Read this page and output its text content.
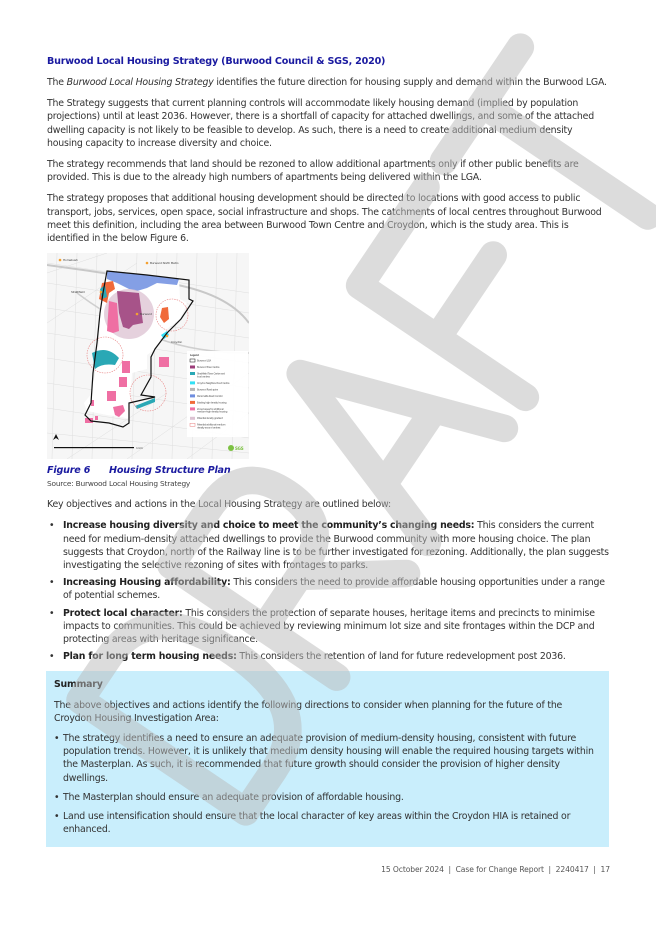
Burwood Local Housing Strategy (Burwood Council & SGS, 2020)

The Burwood Local Housing Strategy identifies the future direction for housing supply and demand within the Burwood LGA.

The Strategy suggests that current planning controls will accommodate likely housing demand (implied by population projections) until at least 2036. However, there is a shortfall of capacity for attached dwellings, and some of the attached dwelling capacity is not likely to be feasible to develop. As such, there is a need to create additional medium density housing capacity to increase diversity and choice.

The strategy recommends that land should be rezoned to allow additional apartments only if other public benefits are provided. This is due to the already high numbers of apartments being delivered within the LGA.

The strategy proposes that additional housing development should be directed to locations with good access to public transport, jobs, services, open space, social infrastructure and shops. The catchments of local centres throughout Burwood meet this definition, including the area between Burwood Town Centre and Croydon, which is the study area. This is identified in the below Figure 6.

Homebush
Burwood North Metro
Strathfield
Burwood
Croydon
1 km
Legend
Burwood LGA
Burwood Town Centre
Strathfield Town Centre and local centres
Croydon Neighbourhood Centre
Burwood Road spine
Parramatta Road Corridor
Existing high density housing
Zoned areas for additional medium-high density housing
Potential density gradient
Potential additional medium density around centres
SGS
Figure 6 Housing Structure Plan
Source: Burwood Local Housing Strategy

Key objectives and actions in the Local Housing Strategy are outlined below:

• Increase housing diversity and choice to meet the community’s changing needs: This considers the current need for medium-density attached dwellings to provide the Burwood community with more housing choice. The plan suggests that Croydon, north of the Railway line is to be further investigated for rezoning. Additionally, the plan suggests investigating the selective rezoning of sites with frontages to parks.
• Increasing Housing affordability: This considers the need to provide affordable housing opportunities under a range of potential schemes.
• Protect local character: This considers the protection of separate houses, heritage items and precincts to minimise impacts to communities. This could be achieved by reviewing minimum lot size and site frontages within the DCP and protecting areas with heritage significance.
• Plan for long term housing needs: This considers the retention of land for future redevelopment post 2036.
Summary

The above objectives and actions identify the following directions to consider when planning for the future of the Croydon Housing Investigation Area:

• The strategy identifies a need to ensure an adequate provision of medium-density housing, consistent with future population trends. However, it is unlikely that medium density housing will enable the required housing targets within the Masterplan. As such, it is recommended that future growth should consider the provision of higher density dwellings.
• The Masterplan should ensure an adequate provision of affordable housing.
• Land use intensification should ensure that the local character of key areas within the Croydon HIA is retained or enhanced.
15 October 2024 | Case for Change Report | 2240417 | 17
